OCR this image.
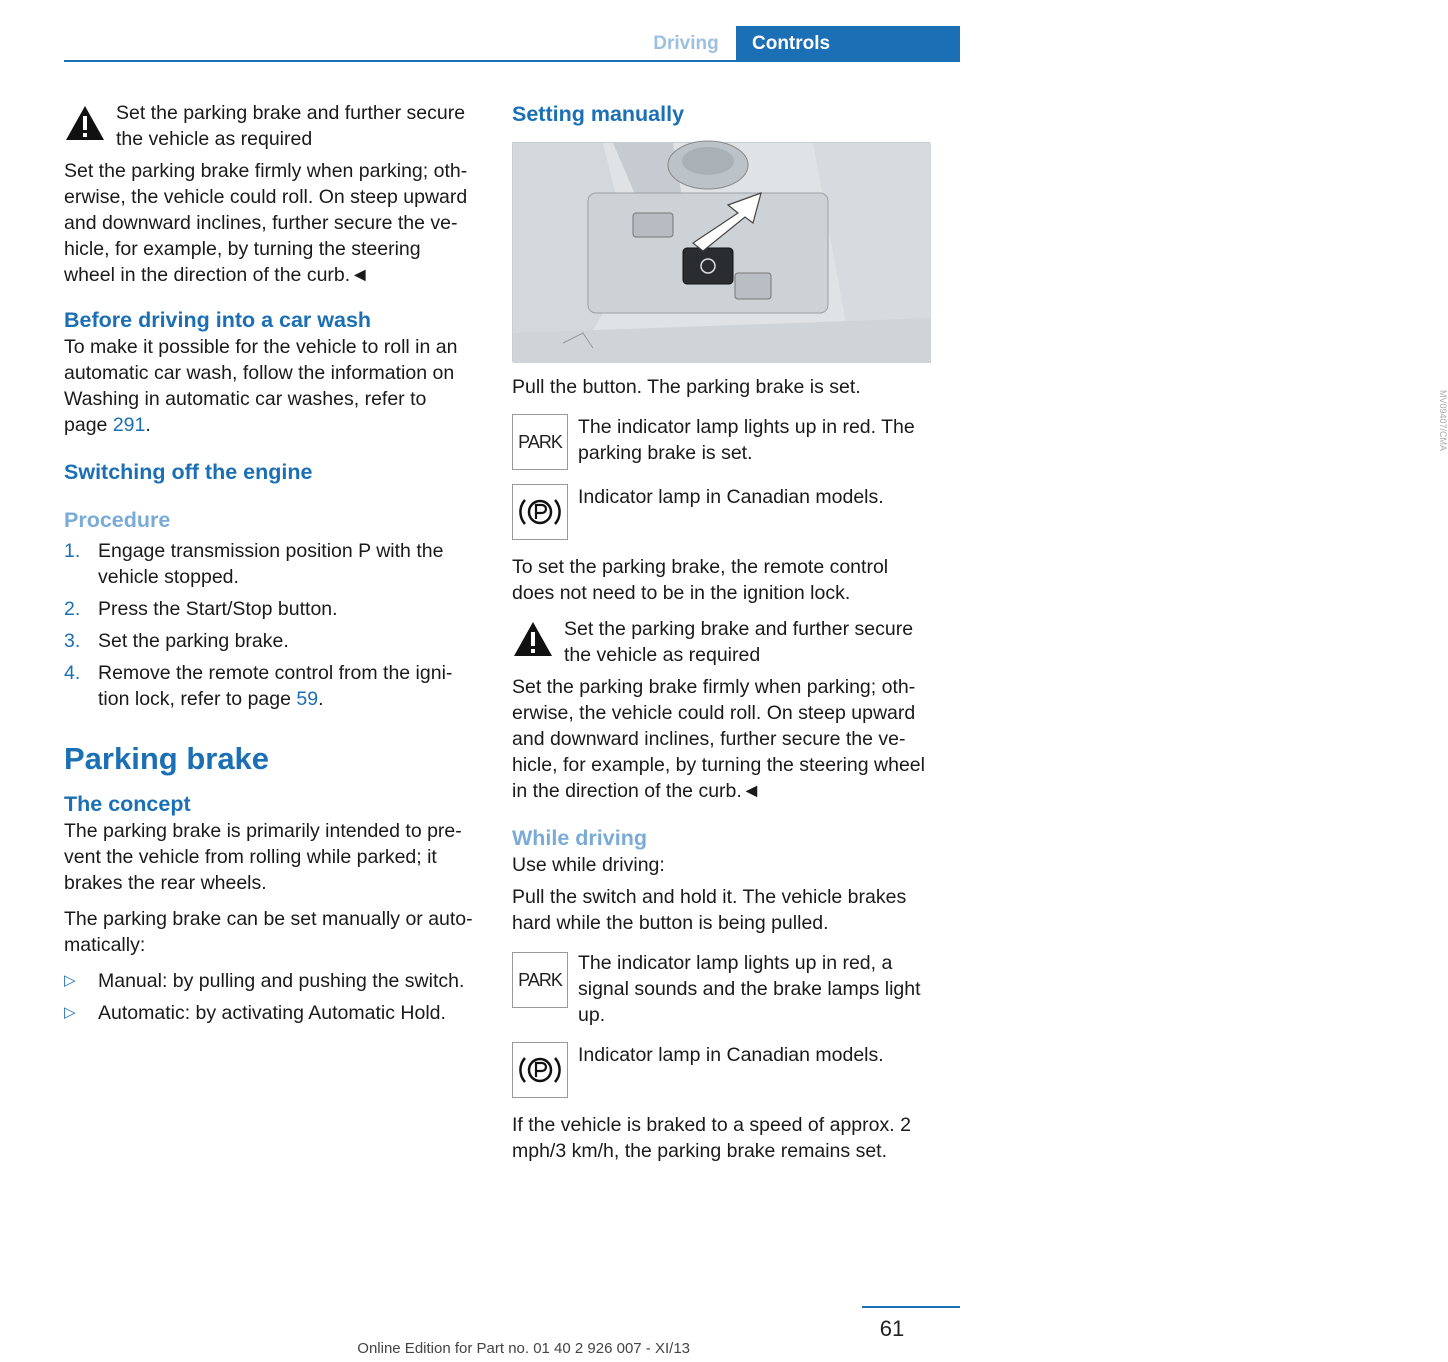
Driving	Controls
Set the parking brake and further secure
the vehicle as required

Set the parking brake firmly when parking; oth-erwise, the vehicle could roll. On steep upward and downward inclines, further secure the ve-hicle, for example, by turning the steering wheel in the direction of the curb.◄

Before driving into a car wash

To make it possible for the vehicle to roll in an automatic car wash, follow the information on Washing in automatic car washes, refer to page 291.

Switching off the engine
Procedure
1. Engage transmission position P with the vehicle stopped.
2. Press the Start/Stop button.
3. Set the parking brake.
4. Remove the remote control from the igni-tion lock, refer to page 59.
Parking brake
The concept

The parking brake is primarily intended to pre-vent the vehicle from rolling while parked; it brakes the rear wheels.

The parking brake can be set manually or auto-matically:

▷	Manual: by pulling and pushing the switch.
▷	Automatic: by activating Automatic Hold.
Setting manually
MV09407/CMA

Pull the button. The parking brake is set.

PARK
The indicator lamp lights up in red. The parking brake is set.
Indicator lamp in Canadian models.

To set the parking brake, the remote control does not need to be in the ignition lock.

Set the parking brake and further secure
the vehicle as required

Set the parking brake firmly when parking; oth-erwise, the vehicle could roll. On steep upward and downward inclines, further secure the ve-hicle, for example, by turning the steering wheel in the direction of the curb.◄

While driving

Use while driving:

Pull the switch and hold it. The vehicle brakes hard while the button is being pulled.

PARK
The indicator lamp lights up in red, a signal sounds and the brake lamps light up.
Indicator lamp in Canadian models.

If the vehicle is braked to a speed of approx. 2 mph/3 km/h, the parking brake remains set.

61
Online Edition for Part no. 01 40 2 926 007 - XI/13
